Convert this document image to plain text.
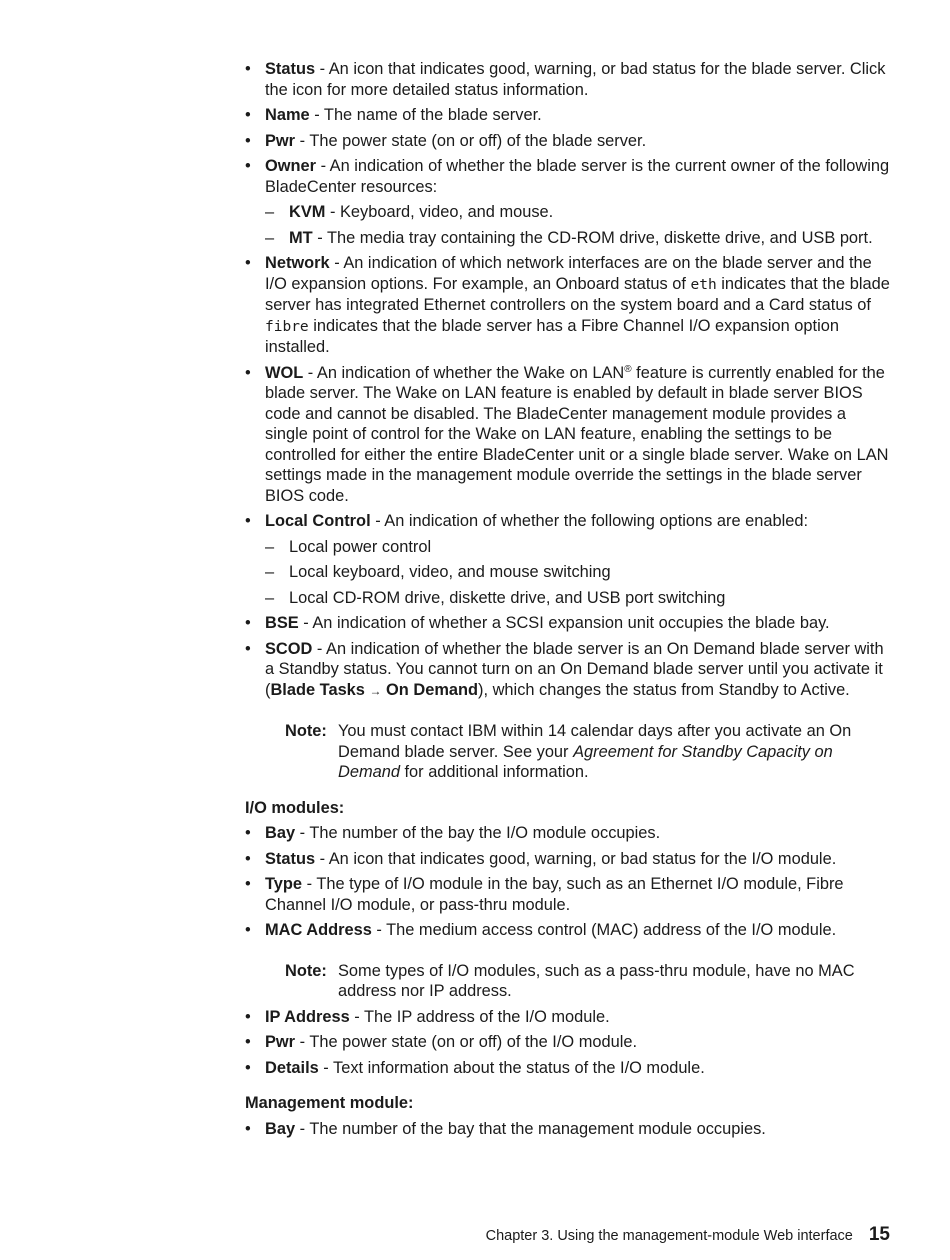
• Status - An icon that indicates good, warning, or bad status for the blade server. Click the icon for more detailed status information.
• Name - The name of the blade server.
• Pwr - The power state (on or off) of the blade server.
• Owner - An indication of whether the blade server is the current owner of the following BladeCenter resources:
– KVM - Keyboard, video, and mouse.
– MT - The media tray containing the CD-ROM drive, diskette drive, and USB port.
• Network - An indication of which network interfaces are on the blade server and the I/O expansion options. For example, an Onboard status of eth indicates that the blade server has integrated Ethernet controllers on the system board and a Card status of fibre indicates that the blade server has a Fibre Channel I/O expansion option installed.
• WOL - An indication of whether the Wake on LAN® feature is currently enabled for the blade server. The Wake on LAN feature is enabled by default in blade server BIOS code and cannot be disabled. The BladeCenter management module provides a single point of control for the Wake on LAN feature, enabling the settings to be controlled for either the entire BladeCenter unit or a single blade server. Wake on LAN settings made in the management module override the settings in the blade server BIOS code.
• Local Control - An indication of whether the following options are enabled:
– Local power control
– Local keyboard, video, and mouse switching
– Local CD-ROM drive, diskette drive, and USB port switching
• BSE - An indication of whether a SCSI expansion unit occupies the blade bay.
• SCOD - An indication of whether the blade server is an On Demand blade server with a Standby status. You cannot turn on an On Demand blade server until you activate it (Blade Tasks → On Demand), which changes the status from Standby to Active.
Note: You must contact IBM within 14 calendar days after you activate an On Demand blade server. See your Agreement for Standby Capacity on Demand for additional information.
I/O modules:
• Bay - The number of the bay the I/O module occupies.
• Status - An icon that indicates good, warning, or bad status for the I/O module.
• Type - The type of I/O module in the bay, such as an Ethernet I/O module, Fibre Channel I/O module, or pass-thru module.
• MAC Address - The medium access control (MAC) address of the I/O module.
Note: Some types of I/O modules, such as a pass-thru module, have no MAC address nor IP address.
• IP Address - The IP address of the I/O module.
• Pwr - The power state (on or off) of the I/O module.
• Details - Text information about the status of the I/O module.
Management module:
• Bay - The number of the bay that the management module occupies.
Chapter 3. Using the management-module Web interface 15
